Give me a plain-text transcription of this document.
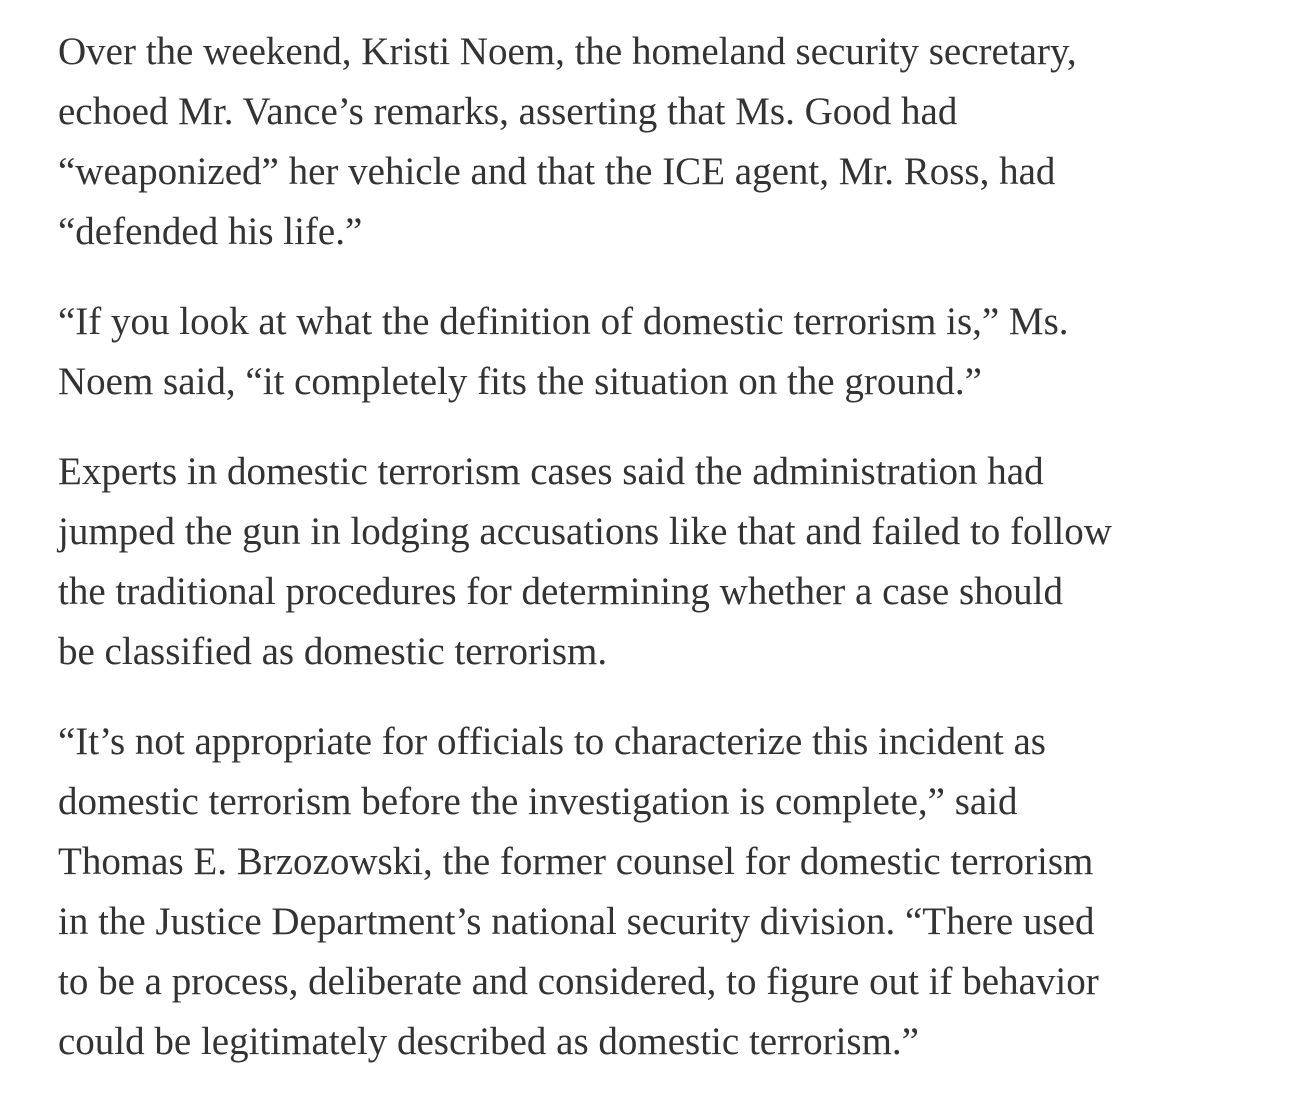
Over the weekend, Kristi Noem, the homeland security secretary,
echoed Mr. Vance’s remarks, asserting that Ms. Good had
“weaponized” her vehicle and that the ICE agent, Mr. Ross, had
“defended his life.”

“If you look at what the definition of domestic terrorism is,” Ms.
Noem said, “it completely fits the situation on the ground.”

Experts in domestic terrorism cases said the administration had
jumped the gun in lodging accusations like that and failed to follow
the traditional procedures for determining whether a case should
be classified as domestic terrorism.

“It’s not appropriate for officials to characterize this incident as
domestic terrorism before the investigation is complete,” said
Thomas E. Brzozowski, the former counsel for domestic terrorism
in the Justice Department’s national security division. “There used
to be a process, deliberate and considered, to figure out if behavior
could be legitimately described as domestic terrorism.”
